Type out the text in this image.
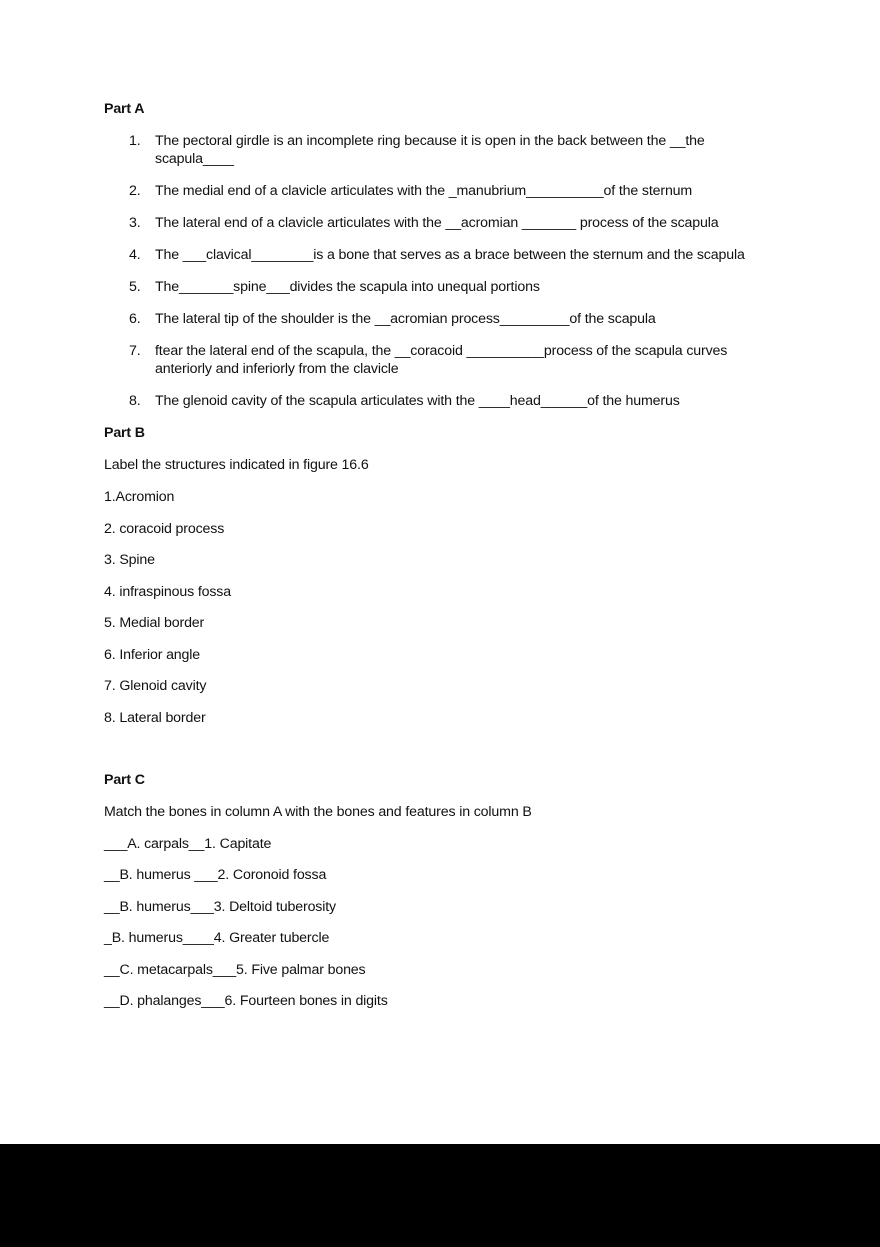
Part A

1. The pectoral girdle is an incomplete ring because it is open in the back between the __the scapula____
2. The medial end of a clavicle articulates with the _manubrium__________of the sternum
3. The lateral end of a clavicle articulates with the __acromian _______ process of the scapula
4. The ___clavical________is a bone that serves as a brace between the sternum and the scapula
5. The_______spine___divides the scapula into unequal portions
6. The lateral tip of the shoulder is the __acromian process_________of the scapula
7. ftear the lateral end of the scapula, the __coracoid __________process of the scapula curves anteriorly and inferiorly from the clavicle
8. The glenoid cavity of the scapula articulates with the ____head______of the humerus

Part B

Label the structures indicated in figure 16.6

1.Acromion

2. coracoid process

3. Spine

4. infraspinous fossa

5. Medial border

6. Inferior angle

7. Glenoid cavity

8. Lateral border

Part C

Match the bones in column A with the bones and features in column B

___A. carpals__1. Capitate

__B. humerus ___2. Coronoid fossa

__B. humerus___3. Deltoid tuberosity

_B. humerus____4. Greater tubercle

__C. metacarpals___5. Five palmar bones

__D. phalanges___6. Fourteen bones in digits
